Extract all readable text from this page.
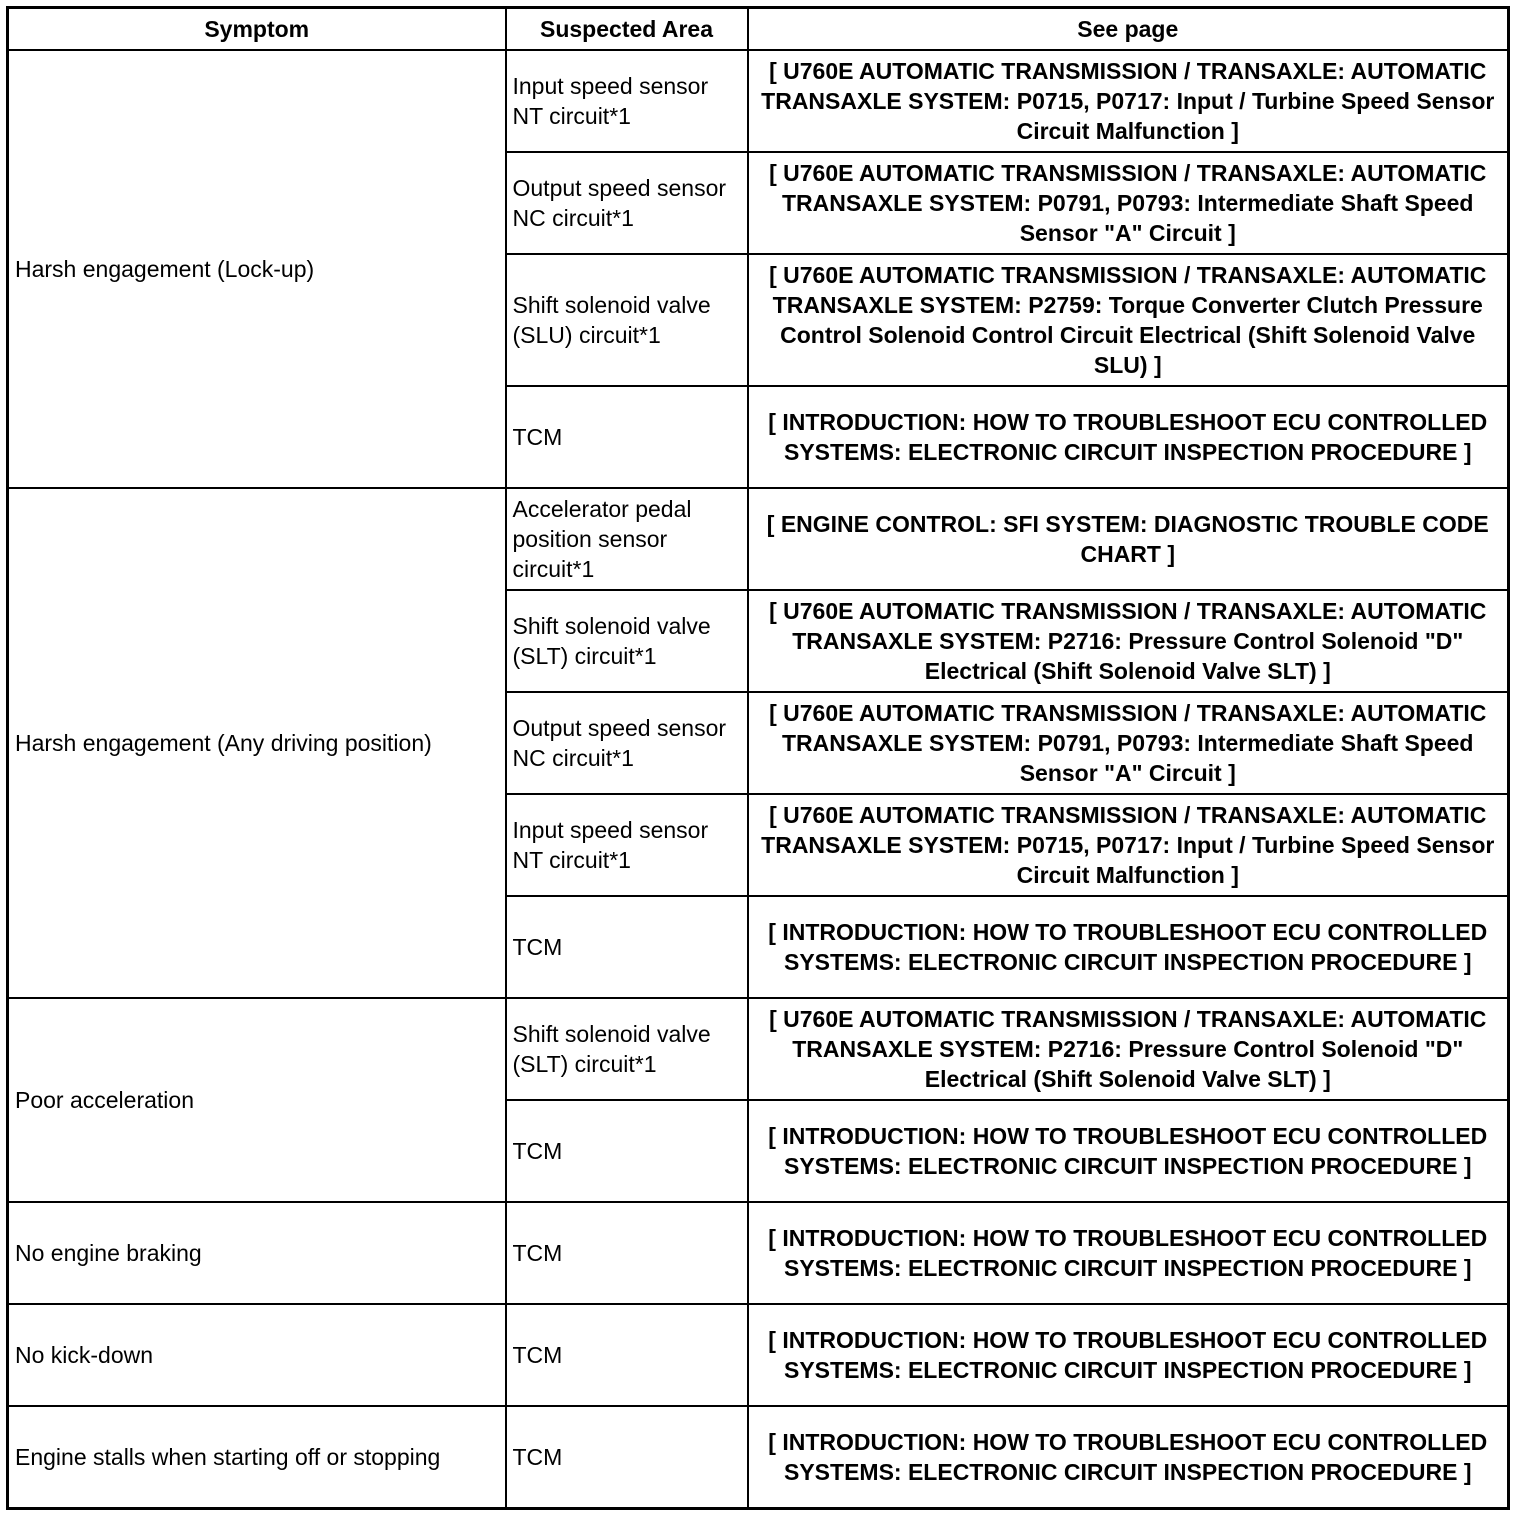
Symptom	Suspected Area	See page
Harsh engagement (Lock-up)	Input speed sensor NT circuit*1	[ U760E AUTOMATIC TRANSMISSION / TRANSAXLE: AUTOMATIC TRANSAXLE SYSTEM: P0715, P0717: Input / Turbine Speed Sensor Circuit Malfunction ]
	Output speed sensor NC circuit*1	[ U760E AUTOMATIC TRANSMISSION / TRANSAXLE: AUTOMATIC TRANSAXLE SYSTEM: P0791, P0793: Intermediate Shaft Speed Sensor "A" Circuit ]
	Shift solenoid valve (SLU) circuit*1	[ U760E AUTOMATIC TRANSMISSION / TRANSAXLE: AUTOMATIC TRANSAXLE SYSTEM: P2759: Torque Converter Clutch Pressure Control Solenoid Control Circuit Electrical (Shift Solenoid Valve SLU) ]
	TCM	[ INTRODUCTION: HOW TO TROUBLESHOOT ECU CONTROLLED SYSTEMS: ELECTRONIC CIRCUIT INSPECTION PROCEDURE ]
Harsh engagement (Any driving position)	Accelerator pedal position sensor circuit*1	[ ENGINE CONTROL: SFI SYSTEM: DIAGNOSTIC TROUBLE CODE CHART ]
	Shift solenoid valve (SLT) circuit*1	[ U760E AUTOMATIC TRANSMISSION / TRANSAXLE: AUTOMATIC TRANSAXLE SYSTEM: P2716: Pressure Control Solenoid "D" Electrical (Shift Solenoid Valve SLT) ]
	Output speed sensor NC circuit*1	[ U760E AUTOMATIC TRANSMISSION / TRANSAXLE: AUTOMATIC TRANSAXLE SYSTEM: P0791, P0793: Intermediate Shaft Speed Sensor "A" Circuit ]
	Input speed sensor NT circuit*1	[ U760E AUTOMATIC TRANSMISSION / TRANSAXLE: AUTOMATIC TRANSAXLE SYSTEM: P0715, P0717: Input / Turbine Speed Sensor Circuit Malfunction ]
	TCM	[ INTRODUCTION: HOW TO TROUBLESHOOT ECU CONTROLLED SYSTEMS: ELECTRONIC CIRCUIT INSPECTION PROCEDURE ]
Poor acceleration	Shift solenoid valve (SLT) circuit*1	[ U760E AUTOMATIC TRANSMISSION / TRANSAXLE: AUTOMATIC TRANSAXLE SYSTEM: P2716: Pressure Control Solenoid "D" Electrical (Shift Solenoid Valve SLT) ]
	TCM	[ INTRODUCTION: HOW TO TROUBLESHOOT ECU CONTROLLED SYSTEMS: ELECTRONIC CIRCUIT INSPECTION PROCEDURE ]
No engine braking	TCM	[ INTRODUCTION: HOW TO TROUBLESHOOT ECU CONTROLLED SYSTEMS: ELECTRONIC CIRCUIT INSPECTION PROCEDURE ]
No kick-down	TCM	[ INTRODUCTION: HOW TO TROUBLESHOOT ECU CONTROLLED SYSTEMS: ELECTRONIC CIRCUIT INSPECTION PROCEDURE ]
Engine stalls when starting off or stopping	TCM	[ INTRODUCTION: HOW TO TROUBLESHOOT ECU CONTROLLED SYSTEMS: ELECTRONIC CIRCUIT INSPECTION PROCEDURE ]
